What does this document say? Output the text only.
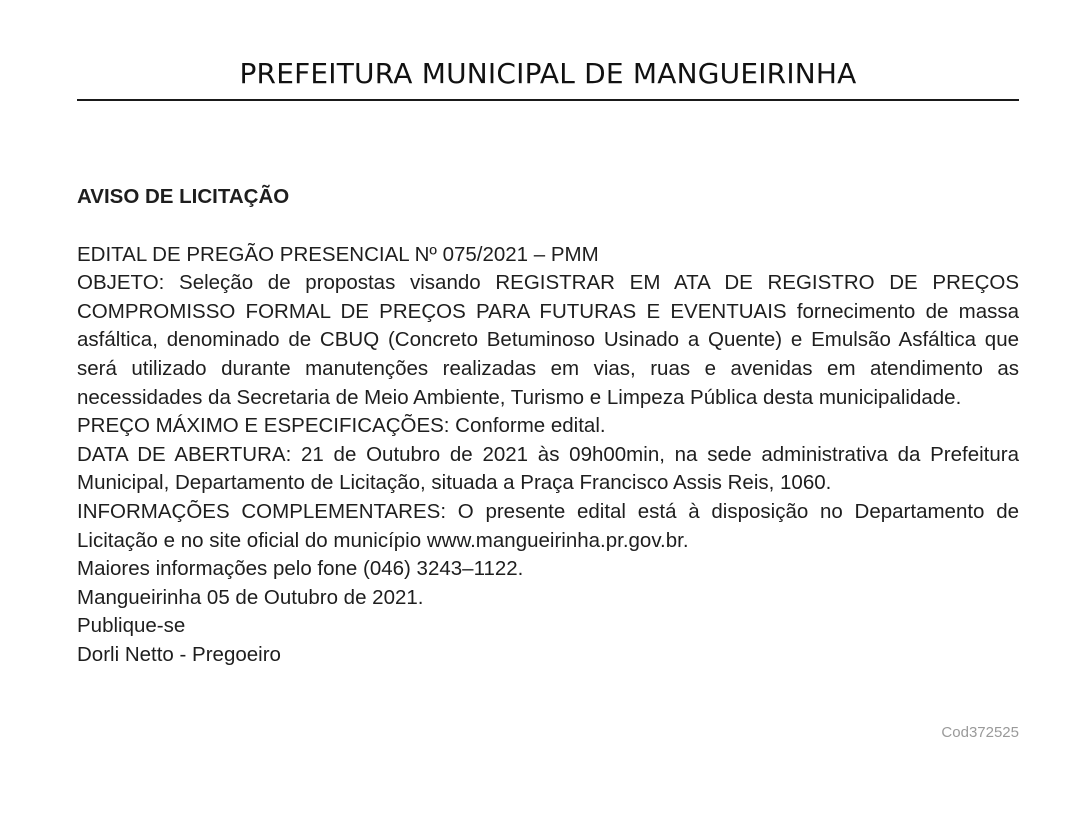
PREFEITURA MUNICIPAL DE MANGUEIRINHA

AVISO DE LICITAÇÃO

EDITAL DE PREGÃO PRESENCIAL Nº 075/2021 – PMM

OBJETO: Seleção de propostas visando REGISTRAR EM ATA DE REGISTRO DE PREÇOS COMPROMISSO FORMAL DE PREÇOS PARA FUTURAS E EVENTUAIS fornecimento de massa asfáltica, denominado de CBUQ (Concreto Betuminoso Usinado a Quente) e Emulsão Asfáltica que será utilizado durante manutenções realizadas em vias, ruas e avenidas em atendimento as necessidades da Secretaria de Meio Ambiente, Turismo e Limpeza Pública desta municipalidade.

PREÇO MÁXIMO E ESPECIFICAÇÕES: Conforme edital.

DATA DE ABERTURA: 21 de Outubro de 2021 às 09h00min, na sede administrativa da Prefeitura Municipal, Departamento de Licitação, situada a Praça Francisco Assis Reis, 1060.

INFORMAÇÕES COMPLEMENTARES: O presente edital está à disposição no Departamento de Licitação e no site oficial do município www.mangueirinha.pr.gov.br.

Maiores informações pelo fone (046) 3243–1122.

Mangueirinha 05 de Outubro de 2021.

Publique-se

Dorli Netto - Pregoeiro

Cod372525
